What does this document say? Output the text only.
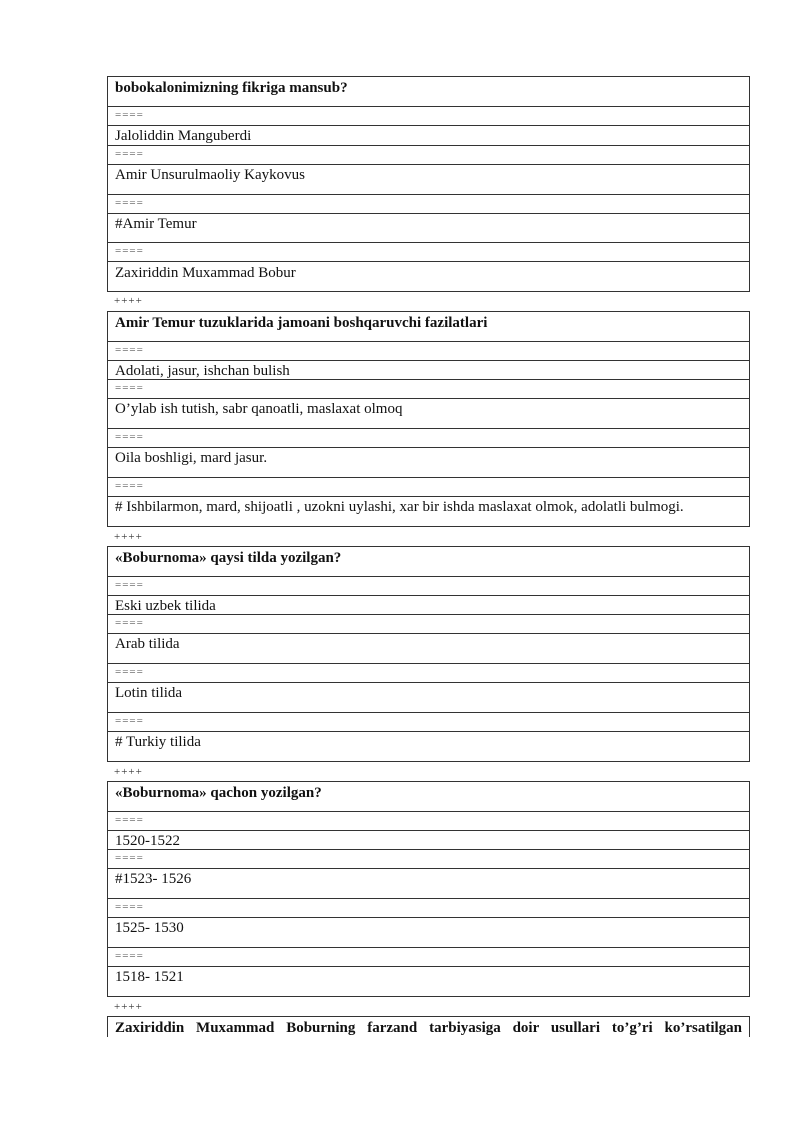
bobokalonimizning fikriga mansub?
====
Jaloliddin Manguberdi
====
Amir Unsurulmaoliy Kaykovus
====
#Amir Temur
====
Zaxiriddin Muxammad Bobur
++++
Amir Temur tuzuklarida jamoani boshqaruvchi fazilatlari
====
Adolati, jasur, ishchan bulish
====
O’ylab ish tutish, sabr qanoatli, maslaxat olmoq
====
Oila boshligi, mard jasur.
====
# Ishbilarmon, mard, shijoatli , uzokni uylashi, xar bir ishda maslaxat olmok, adolatli bulmogi.
++++
«Boburnoma» qaysi tilda yozilgan?
====
Eski uzbek tilida
====
Arab tilida
====
Lotin tilida
====
# Turkiy tilida
++++
«Boburnoma» qachon yozilgan?
====
1520-1522
====
#1523- 1526
====
1525- 1530
====
1518- 1521
++++
Zaxiriddin Muxammad Boburning farzand tarbiyasiga doir usullari to’g’ri ko’rsatilgan
